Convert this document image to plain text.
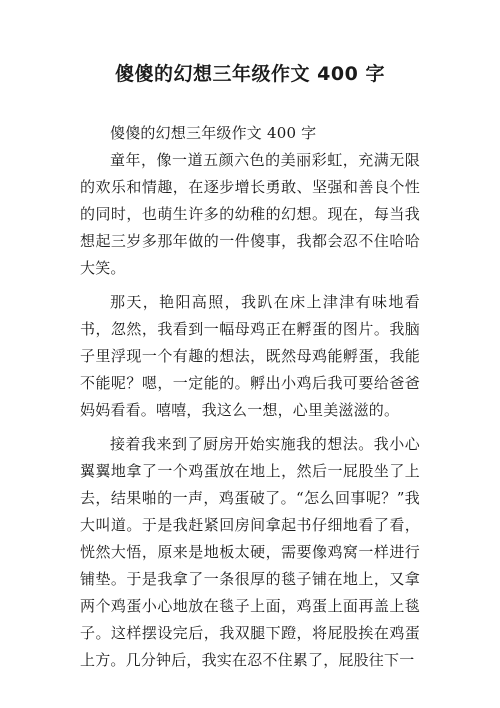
傻傻的幻想三年级作文 400 字

傻傻的幻想三年级作文 400 字

童年，像一道五颜六色的美丽彩虹，充满无限的欢乐和情趣，在逐步增长勇敢、坚强和善良个性的同时，也萌生许多的幼稚的幻想。现在，每当我想起三岁多那年做的一件傻事，我都会忍不住哈哈大笑。

那天，艳阳高照，我趴在床上津津有味地看书，忽然，我看到一幅母鸡正在孵蛋的图片。我脑子里浮现一个有趣的想法，既然母鸡能孵蛋，我能不能呢？嗯，一定能的。孵出小鸡后我可要给爸爸妈妈看看。嘻嘻，我这么一想，心里美滋滋的。

接着我来到了厨房开始实施我的想法。我小心翼翼地拿了一个鸡蛋放在地上，然后一屁股坐了上去，结果啪的一声，鸡蛋破了。“怎么回事呢？”我大叫道。于是我赶紧回房间拿起书仔细地看了看，恍然大悟，原来是地板太硬，需要像鸡窝一样进行铺垫。于是我拿了一条很厚的毯子铺在地上，又拿两个鸡蛋小心地放在毯子上面，鸡蛋上面再盖上毯子。这样摆设完后，我双腿下蹬，将屁股挨在鸡蛋上方。几分钟后，我实在忍不住累了，屁股往下一
